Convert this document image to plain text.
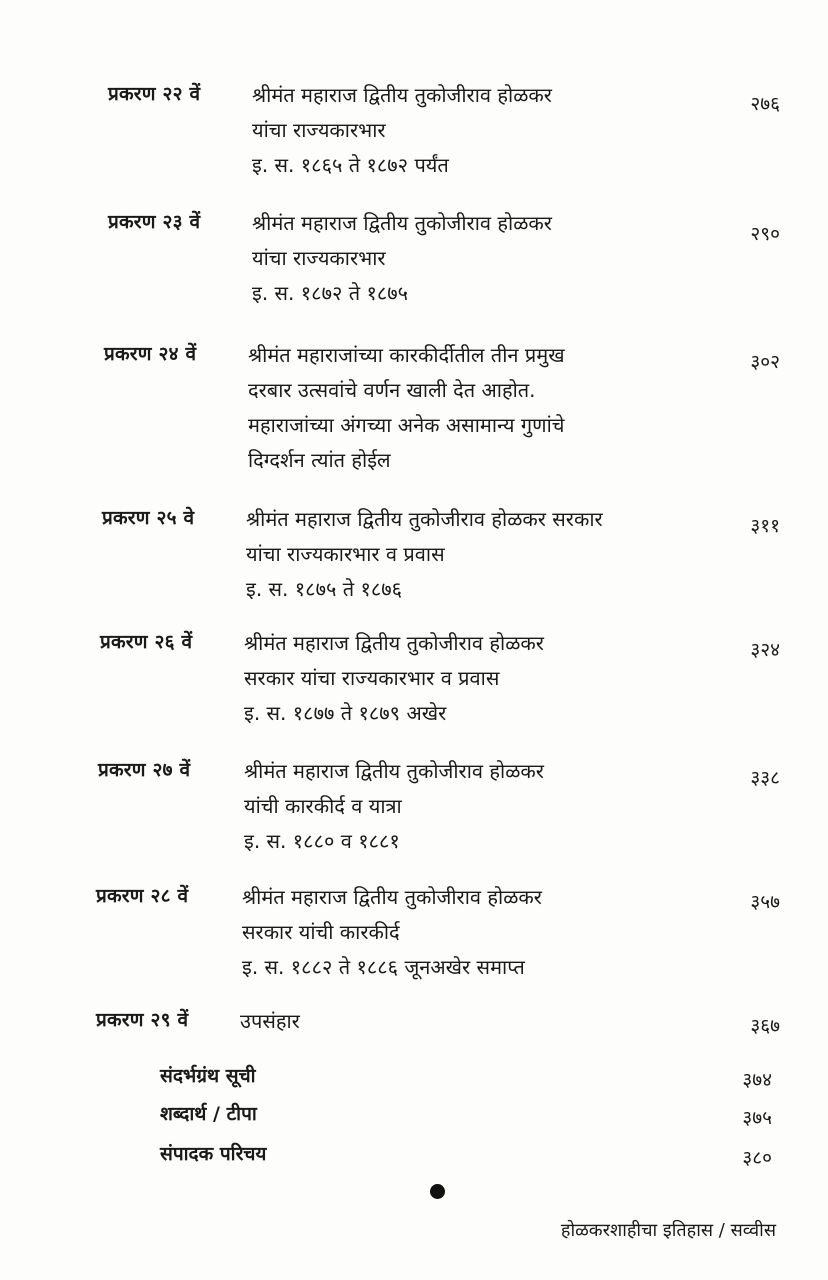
प्रकरण २२ वें	श्रीमंत महाराज द्वितीय तुकोजीराव होळकर
यांचा राज्यकारभार
इ. स. १८६५ ते १८७२ पर्यंत
२७६
प्रकरण २३ वें	श्रीमंत महाराज द्वितीय तुकोजीराव होळकर
यांचा राज्यकारभार
इ. स. १८७२ ते १८७५
२९०
प्रकरण २४ वें	श्रीमंत महाराजांच्या कारकीर्दीतील तीन प्रमुख
दरबार उत्सवांचे वर्णन खाली देत आहोत.
महाराजांच्या अंगच्या अनेक असामान्य गुणांचे
दिग्दर्शन त्यांत होईल
३०२
प्रकरण २५ वे	श्रीमंत महाराज द्वितीय तुकोजीराव होळकर सरकार
यांचा राज्यकारभार व प्रवास
इ. स. १८७५ ते १८७६
३११
प्रकरण २६ वें	श्रीमंत महाराज द्वितीय तुकोजीराव होळकर
सरकार यांचा राज्यकारभार व प्रवास
इ. स. १८७७ ते १८७९ अखेर
३२४
प्रकरण २७ वें	श्रीमंत महाराज द्वितीय तुकोजीराव होळकर
यांची कारकीर्द व यात्रा
इ. स. १८८० व १८८१
३३८
प्रकरण २८ वें	श्रीमंत महाराज द्वितीय तुकोजीराव होळकर
सरकार यांची कारकीर्द
इ. स. १८८२ ते १८८६ जूनअखेर समाप्त
३५७
प्रकरण २९ वें	उपसंहार	३६७
संदर्भग्रंथ सूची	३७४
शब्दार्थ / टीपा	३७५
संपादक परिचय	३८०
होळकरशाहीचा इतिहास / सव्वीस
